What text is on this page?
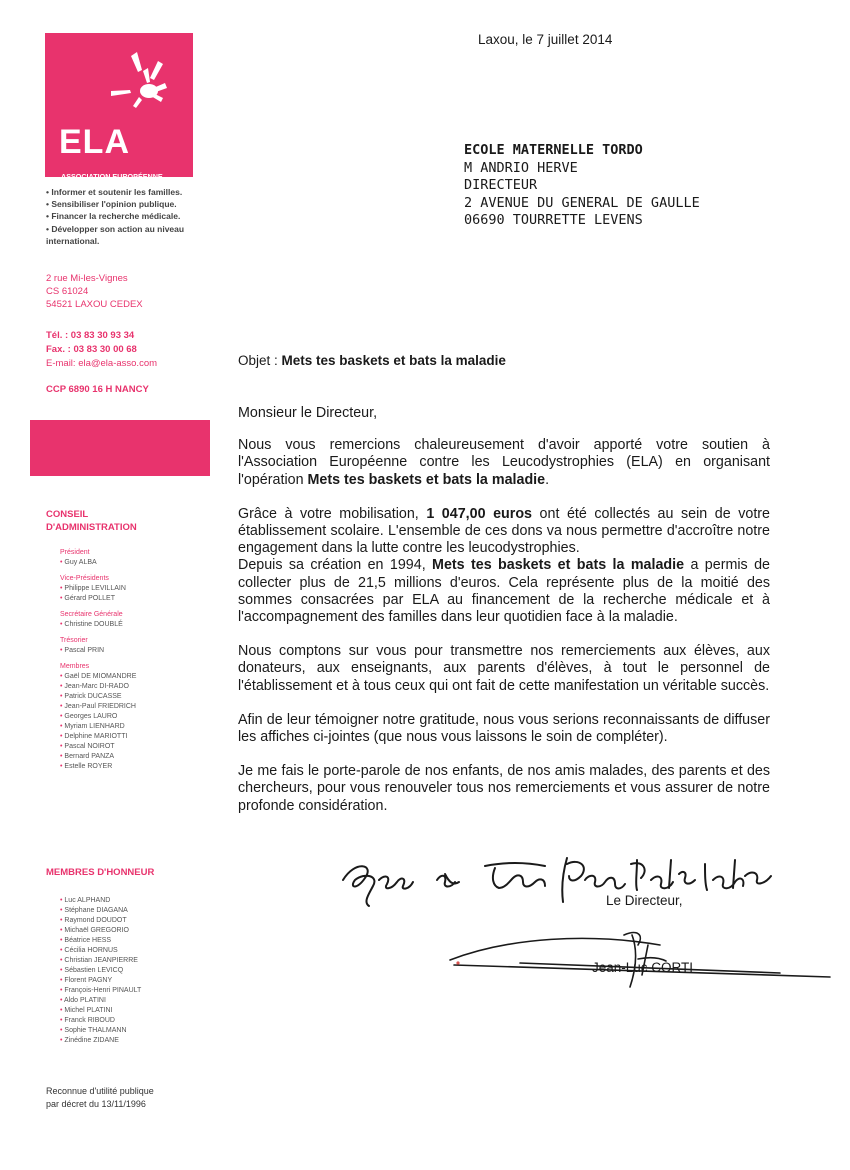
ELA
ASSOCIATION EUROPÉENNE
CONTRE LES LEUCODYSTROPHIES
• Informer et soutenir les familles.
• Sensibiliser l'opinion publique.
• Financer la recherche médicale.
• Développer son action au niveau international.
2 rue Mi-les-Vignes
CS 61024
54521 LAXOU CEDEX
Tél. : 03 83 30 93 34
Fax. : 03 83 30 00 68
E-mail: ela@ela-asso.com
CCP 6890 16 H NANCY
CONSEIL
D'ADMINISTRATION
Président
• Guy ALBA
Vice-Présidents
• Philippe LEVILLAIN
• Gérard POLLET
Secrétaire Générale
• Christine DOUBLÉ
Trésorier
• Pascal PRIN
Membres
• Gaël DE MIOMANDRE
• Jean-Marc DI-RADO
• Patrick DUCASSE
• Jean-Paul FRIEDRICH
• Georges LAURO
• Myriam LIENHARD
• Delphine MARIOTTI
• Pascal NOIROT
• Bernard PANZA
• Estelle ROYER
MEMBRES D'HONNEUR
• Luc ALPHAND
• Stéphane DIAGANA
• Raymond DOUDOT
• Michaël GREGORIO
• Béatrice HESS
• Cécilia HORNUS
• Christian JEANPIERRE
• Sébastien LEVICQ
• Florent PAGNY
• François-Henri PINAULT
• Aldo PLATINI
• Michel PLATINI
• Franck RIBOUD
• Sophie THALMANN
• Zinédine ZIDANE
Reconnue d'utilité publique
par décret du 13/11/1996
Laxou, le 7 juillet 2014
ECOLE MATERNELLE TORDO
M ANDRIO HERVE
DIRECTEUR
2 AVENUE DU GENERAL DE GAULLE
06690 TOURRETTE LEVENS
Objet : Mets tes baskets et bats la maladie

Monsieur le Directeur,

Nous vous remercions chaleureusement d'avoir apporté votre soutien à l'Association Européenne contre les Leucodystrophies (ELA) en organisant l'opération Mets tes baskets et bats la maladie.

Grâce à votre mobilisation, 1 047,00 euros ont été collectés au sein de votre établissement scolaire. L'ensemble de ces dons va nous permettre d'accroître notre engagement dans la lutte contre les leucodystrophies.

Depuis sa création en 1994, Mets tes baskets et bats la maladie a permis de collecter plus de 21,5 millions d'euros. Cela représente plus de la moitié des sommes consacrées par ELA au financement de la recherche médicale et à l'accompagnement des familles dans leur quotidien face à la maladie.

Nous comptons sur vous pour transmettre nos remerciements aux élèves, aux donateurs, aux enseignants, aux parents d'élèves, à tout le personnel de l'établissement et à tous ceux qui ont fait de cette manifestation un véritable succès.

Afin de leur témoigner notre gratitude, nous vous serions reconnaissants de diffuser les affiches ci-jointes (que nous vous laissons le soin de compléter).

Je me fais le porte-parole de nos enfants, de nos amis malades, des parents et des chercheurs, pour vous renouveler tous nos remerciements et vous assurer de notre profonde considération.

Le Directeur,
Jean-Luc CORTI
